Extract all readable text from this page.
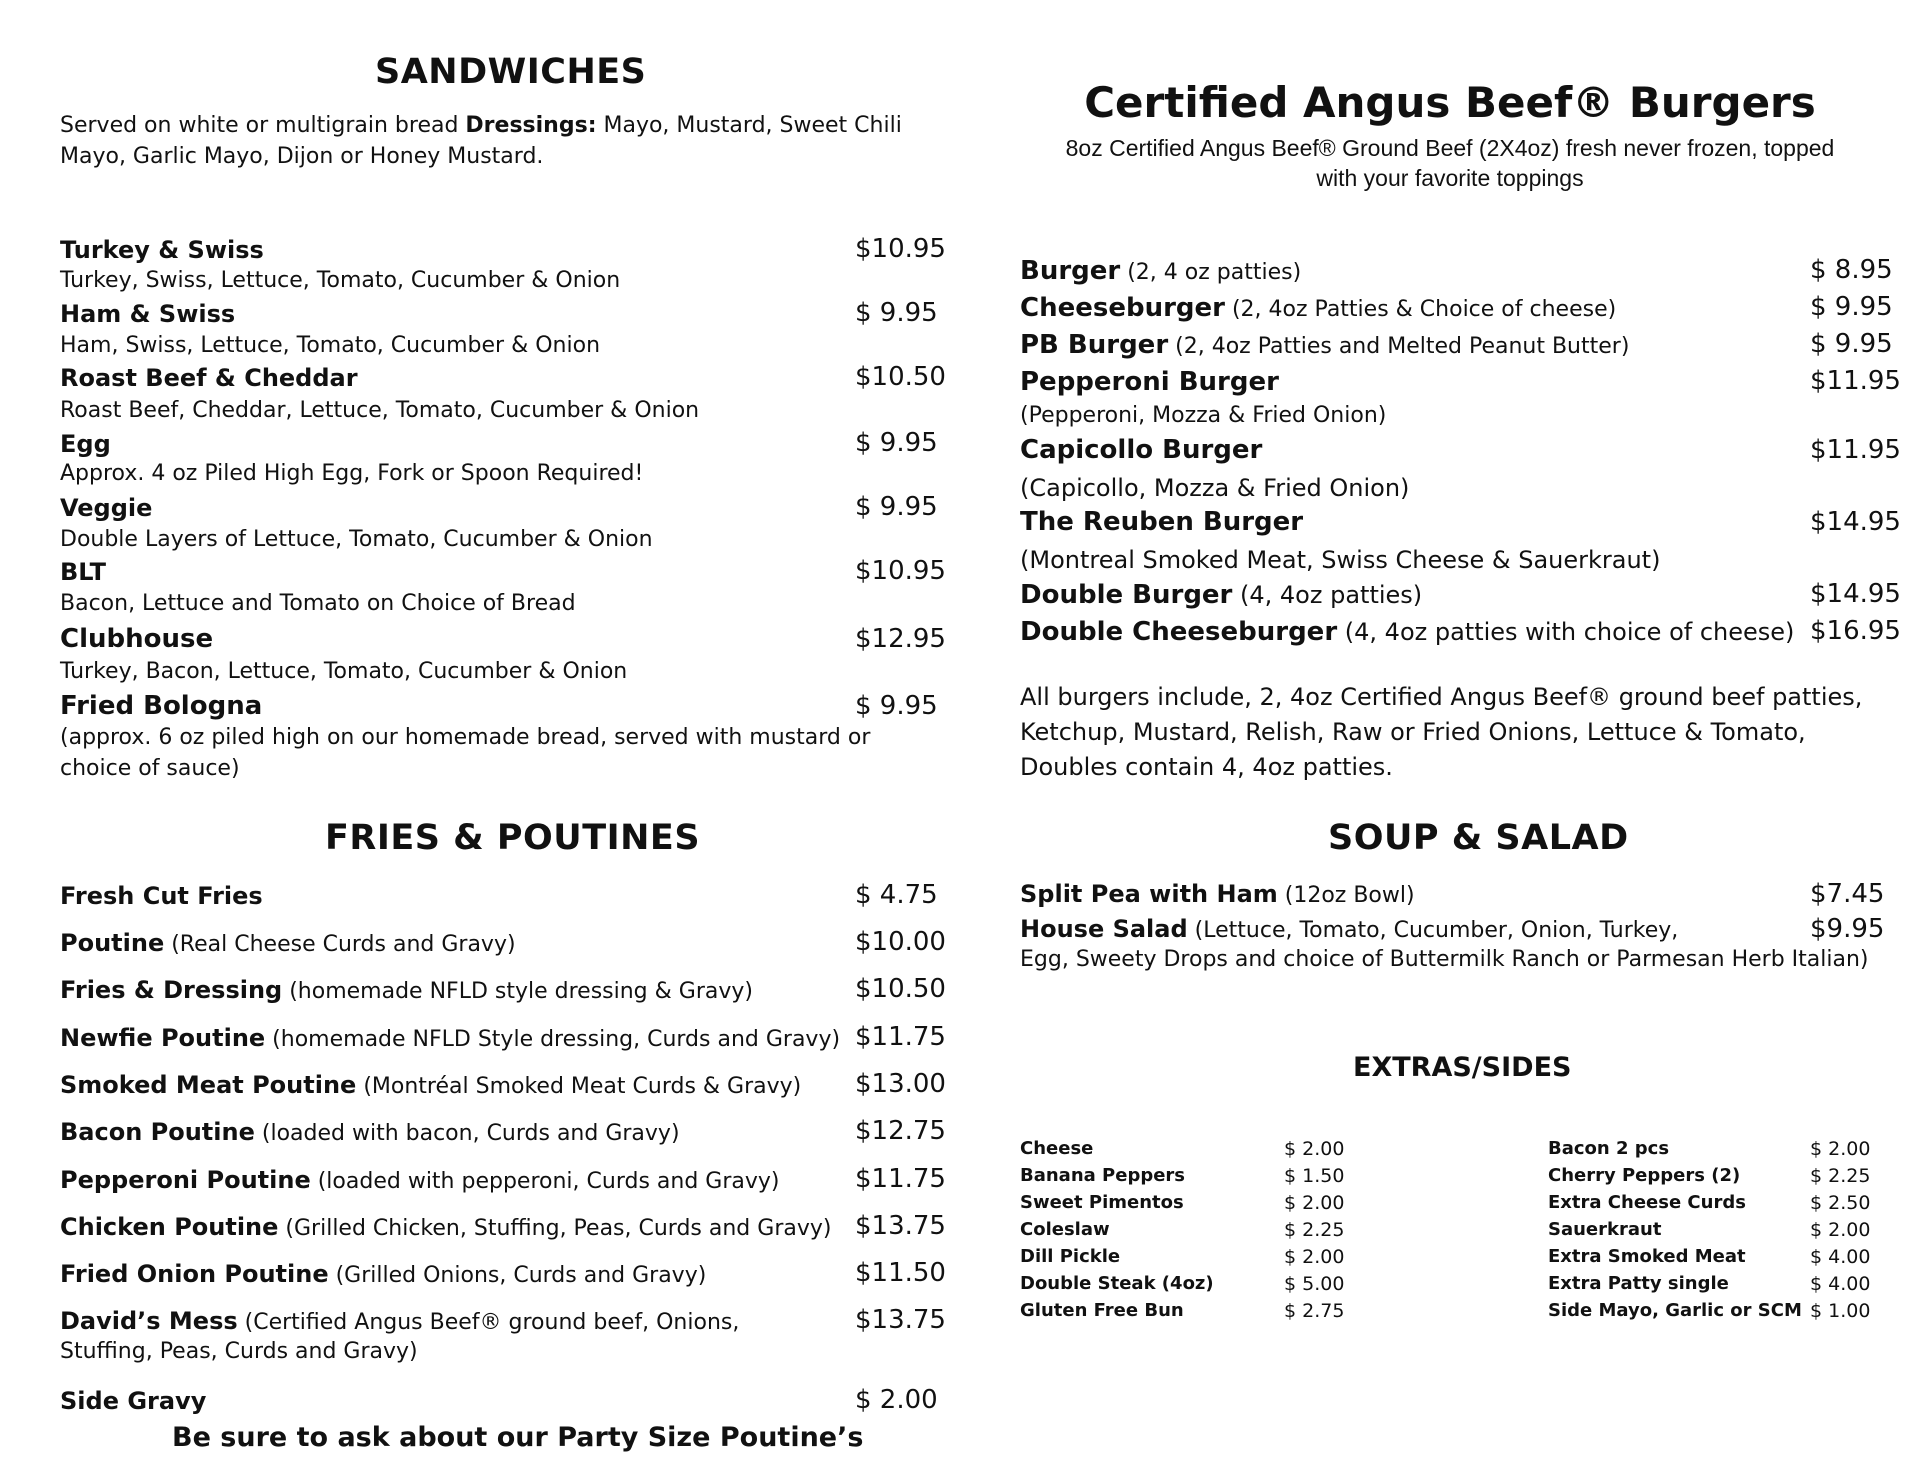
SANDWICHES
Served on white or multigrain bread Dressings: Mayo, Mustard, Sweet Chili Mayo, Garlic Mayo, Dijon or Honey Mustard.
Turkey & Swiss	$10.95
Turkey, Swiss, Lettuce, Tomato, Cucumber & Onion
Ham & Swiss	$ 9.95
Ham, Swiss, Lettuce, Tomato, Cucumber & Onion
Roast Beef & Cheddar	$10.50
Roast Beef, Cheddar, Lettuce, Tomato, Cucumber & Onion
Egg	$ 9.95
Approx. 4 oz Piled High Egg, Fork or Spoon Required!
Veggie	$ 9.95
Double Layers of Lettuce, Tomato, Cucumber & Onion
BLT	$10.95
Bacon, Lettuce and Tomato on Choice of Bread
Clubhouse	$12.95
Turkey, Bacon, Lettuce, Tomato, Cucumber & Onion
Fried Bologna	$ 9.95
(approx. 6 oz piled high on our homemade bread, served with mustard or choice of sauce)
FRIES & POUTINES
Fresh Cut Fries	$ 4.75
Poutine (Real Cheese Curds and Gravy)	$10.00
Fries & Dressing (homemade NFLD style dressing & Gravy)	$10.50
Newfie Poutine (homemade NFLD Style dressing, Curds and Gravy) $11.75
Smoked Meat Poutine (Montréal Smoked Meat Curds & Gravy) $13.00
Bacon Poutine (loaded with bacon, Curds and Gravy)	$12.75
Pepperoni Poutine (loaded with pepperoni, Curds and Gravy)	$11.75
Chicken Poutine (Grilled Chicken, Stuffing, Peas, Curds and Gravy) $13.75
Fried Onion Poutine (Grilled Onions, Curds and Gravy)	$11.50
David’s Mess (Certified Angus Beef® ground beef, Onions,	$13.75
Stuffing, Peas, Curds and Gravy)
Side Gravy	$ 2.00
Be sure to ask about our Party Size Poutine’s
Certified Angus Beef® Burgers
8oz Certified Angus Beef® Ground Beef (2X4oz) fresh never frozen, topped
with your favorite toppings
Burger (2, 4 oz patties)	$ 8.95
Cheeseburger (2, 4oz Patties & Choice of cheese)	$ 9.95
PB Burger (2, 4oz Patties and Melted Peanut Butter)	$ 9.95
Pepperoni Burger	$11.95
(Pepperoni, Mozza & Fried Onion)
Capicollo Burger	$11.95
(Capicollo, Mozza & Fried Onion)
The Reuben Burger	$14.95
(Montreal Smoked Meat, Swiss Cheese & Sauerkraut)
Double Burger (4, 4oz patties)	$14.95
Double Cheeseburger (4, 4oz patties with choice of cheese) $16.95
All burgers include, 2, 4oz Certified Angus Beef® ground beef patties, Ketchup, Mustard, Relish, Raw or Fried Onions, Lettuce & Tomato, Doubles contain 4, 4oz patties.
SOUP & SALAD
Split Pea with Ham (12oz Bowl)	$7.45
House Salad (Lettuce, Tomato, Cucumber, Onion, Turkey,	$9.95
Egg, Sweety Drops and choice of Buttermilk Ranch or Parmesan Herb Italian)
EXTRAS/SIDES
Cheese	$ 2.00
Banana Peppers	$ 1.50
Sweet Pimentos	$ 2.00
Coleslaw	$ 2.25
Dill Pickle	$ 2.00
Double Steak (4oz)	$ 5.00
Gluten Free Bun	$ 2.75
Bacon 2 pcs	$ 2.00
Cherry Peppers (2)	$ 2.25
Extra Cheese Curds	$ 2.50
Sauerkraut	$ 2.00
Extra Smoked Meat	$ 4.00
Extra Patty single	$ 4.00
Side Mayo, Garlic or SCM $ 1.00
